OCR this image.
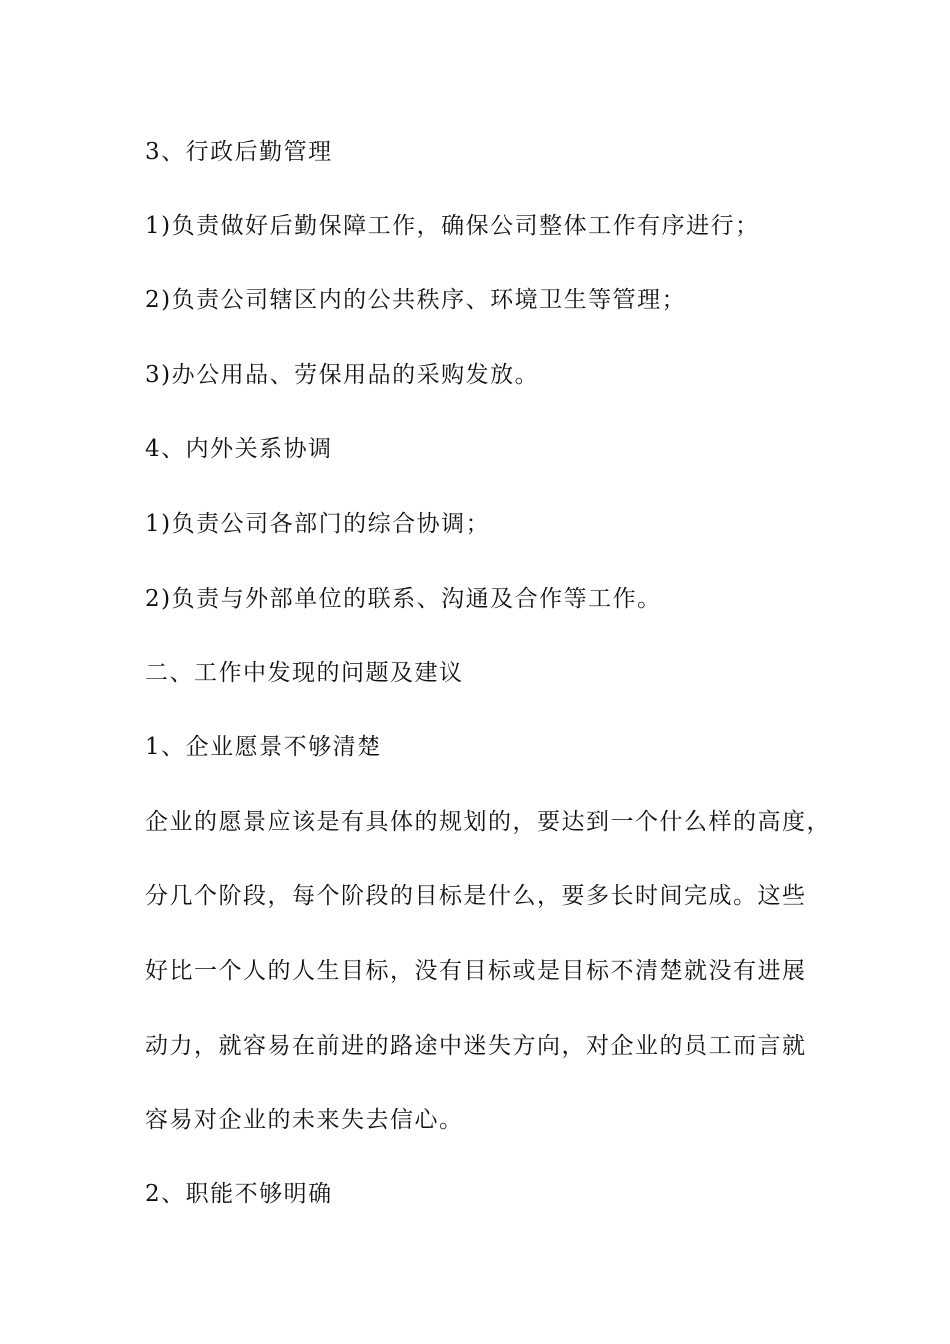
3、行政后勤管理
1)负责做好后勤保障工作，确保公司整体工作有序进行；
2)负责公司辖区内的公共秩序、环境卫生等管理；
3)办公用品、劳保用品的采购发放。
4、内外关系协调
1)负责公司各部门的综合协调；
2)负责与外部单位的联系、沟通及合作等工作。
二、工作中发现的问题及建议
1、企业愿景不够清楚
企业的愿景应该是有具体的规划的，要达到一个什么样的高度，
分几个阶段，每个阶段的目标是什么，要多长时间完成。这些
好比一个人的人生目标，没有目标或是目标不清楚就没有进展
动力，就容易在前进的路途中迷失方向，对企业的员工而言就
容易对企业的未来失去信心。
2、职能不够明确
